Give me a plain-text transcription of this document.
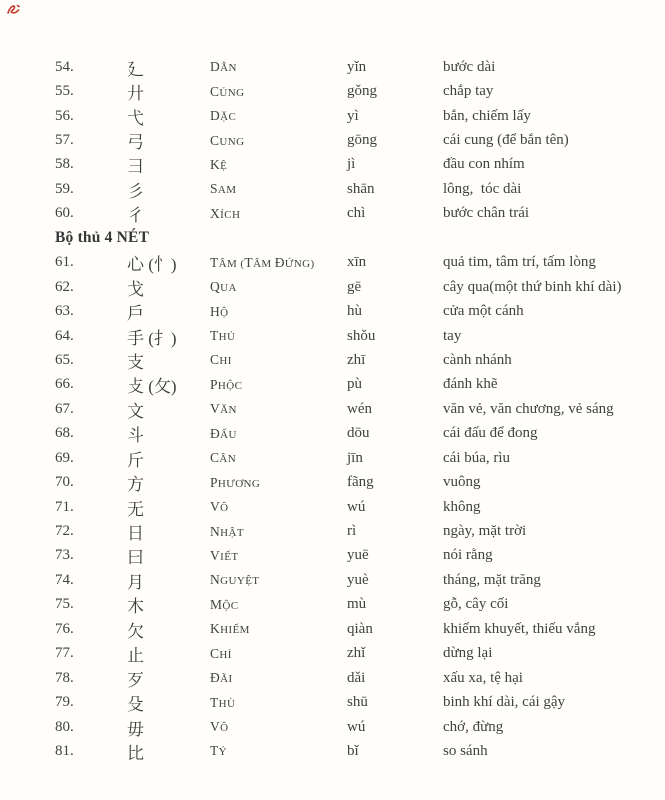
54.	廴	DẪN	yǐn	bước dài
55.	廾	CỦNG	gǒng	chắp tay
56.	弋	DẶC	yì	bắn, chiếm lấy
57.	弓	CUNG	gōng	cái cung (để bắn tên)
58.	彐	KỆ	jì	đầu con nhím
59.	彡	SAM	shān	lông,  tóc dài
60.	彳	XÍCH	chì	bước chân trái
Bộ thủ 4 NÉT
61.	心 (忄)	TÂM (TÂM ĐỨNG)	xīn	quả tim, tâm trí, tấm lòng
62.	戈	QUA	gē	cây qua(một thứ binh khí dài)
63.	戶	HỘ	hù	cửa một cánh
64.	手 (扌)	THỦ	shǒu	tay
65.	支	CHI	zhī	cành nhánh
66.	攴 (攵)	PHỘC	pù	đánh khẽ
67.	文	VĂN	wén	văn vẻ, văn chương, vẻ sáng
68.	斗	ĐẤU	dōu	cái đấu để đong
69.	斤	CÂN	jīn	cái búa, rìu
70.	方	PHƯƠNG	fãng	vuông
71.	无	VÔ	wú	không
72.	日	NHẬT	rì	ngày, mặt trời
73.	曰	VIẾT	yuē	nói rằng
74.	月	NGUYỆT	yuè	tháng, mặt trăng
75.	木	MỘC	mù	gỗ, cây cối
76.	欠	KHIẾM	qiàn	khiếm khuyết, thiếu vắng
77.	止	CHỈ	zhǐ	dừng lại
78.	歹	ĐÃI	dǎi	xấu xa, tệ hại
79.	殳	THÙ	shū	binh khí dài, cái gậy
80.	毋	VÔ	wú	chớ, đừng
81.	比	TỶ	bǐ	so sánh
